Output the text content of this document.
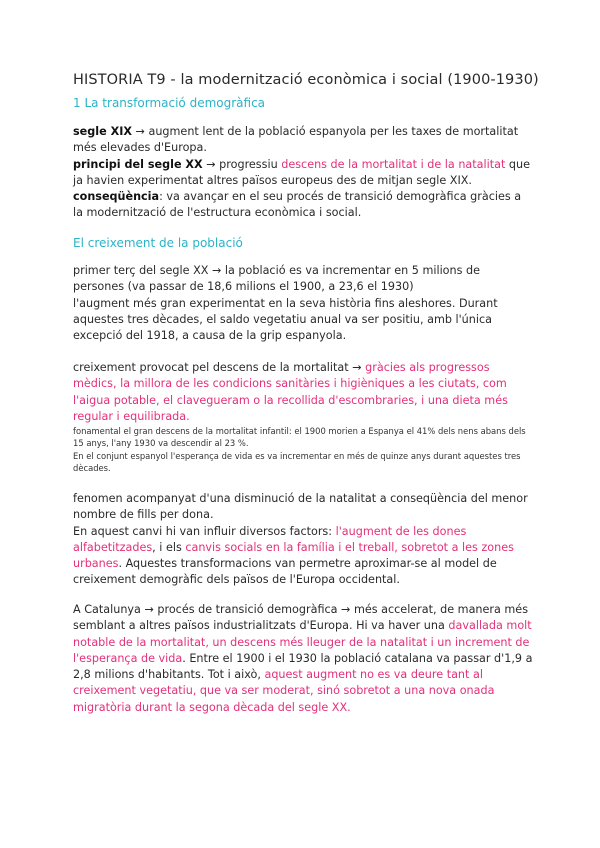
HISTORIA T9 - la modernització econòmica i social (1900-1930)
1 La transformació demogràfica
segle XIX → augment lent de la població espanyola per les taxes de mortalitat més elevades d'Europa.
principi del segle XX → progressiu descens de la mortalitat i de la natalitat que ja havien experimentat altres països europeus des de mitjan segle XIX.
conseqüència: va avançar en el seu procés de transició demogràfica gràcies a la modernització de l'estructura econòmica i social.
El creixement de la població
primer terç del segle XX → la població es va incrementar en 5 milions de persones (va passar de 18,6 milions el 1900, a 23,6 el 1930)
l'augment més gran experimentat en la seva història fins aleshores. Durant aquestes tres dècades, el saldo vegetatiu anual va ser positiu, amb l'única excepció del 1918, a causa de la grip espanyola.
creixement provocat pel descens de la mortalitat → gràcies als progressos mèdics, la millora de les condicions sanitàries i higièniques a les ciutats, com l'aigua potable, el clavegueram o la recollida d'escombraries, i una dieta més regular i equilibrada.
fonamental el gran descens de la mortalitat infantil: el 1900 morien a Espanya el 41% dels nens abans dels 15 anys, l'any 1930 va descendir al 23 %.
En el conjunt espanyol l'esperança de vida es va incrementar en més de quinze anys durant aquestes tres dècades.
fenomen acompanyat d'una disminució de la natalitat a conseqüència del menor nombre de fills per dona.
En aquest canvi hi van influir diversos factors: l'augment de les dones alfabetitzades, i els canvis socials en la família i el treball, sobretot a les zones urbanes. Aquestes transformacions van permetre aproximar-se al model de creixement demogràfic dels països de l'Europa occidental.
A Catalunya → procés de transició demogràfica → més accelerat, de manera més semblant a altres països industrialitzats d'Europa. Hi va haver una davallada molt notable de la mortalitat, un descens més lleuger de la natalitat i un increment de l'esperança de vida. Entre el 1900 i el 1930 la població catalana va passar d'1,9 a 2,8 milions d'habitants. Tot i això, aquest augment no es va deure tant al creixement vegetatiu, que va ser moderat, sinó sobretot a una nova onada migratòria durant la segona dècada del segle XX.
